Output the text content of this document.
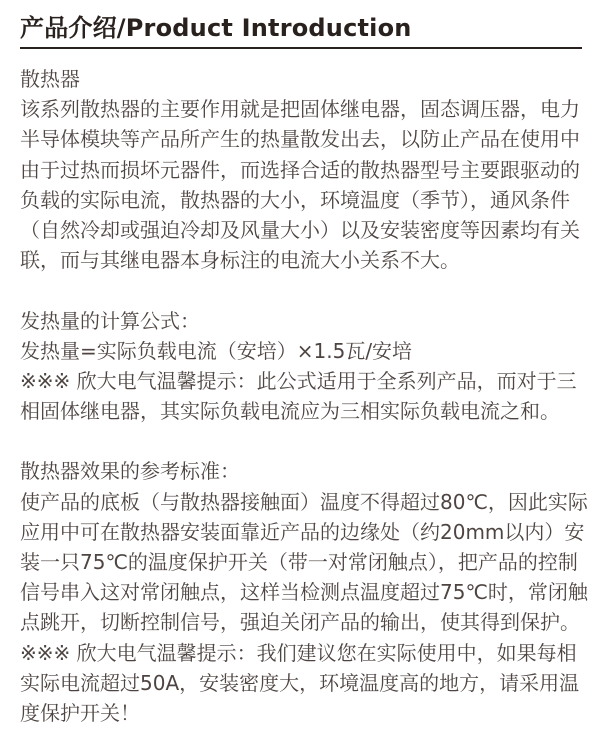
产品介绍/Product Introduction
散热器
该系列散热器的主要作用就是把固体继电器，固态调压器，电力
半导体模块等产品所产生的热量散发出去，以防止产品在使用中
由于过热而损坏元器件，而选择合适的散热器型号主要跟驱动的
负载的实际电流，散热器的大小，环境温度（季节），通风条件
（自然冷却或强迫冷却及风量大小）以及安装密度等因素均有关
联，而与其继电器本身标注的电流大小关系不大。
发热量的计算公式：
发热量=实际负载电流（安培）×1.5瓦/安培
※※※ 欣大电气温馨提示：此公式适用于全系列产品，而对于三
相固体继电器，其实际负载电流应为三相实际负载电流之和。
散热器效果的参考标准：
使产品的底板（与散热器接触面）温度不得超过80℃，因此实际
应用中可在散热器安装面靠近产品的边缘处（约20mm以内）安
装一只75℃的温度保护开关（带一对常闭触点），把产品的控制
信号串入这对常闭触点，这样当检测点温度超过75℃时，常闭触
点跳开，切断控制信号，强迫关闭产品的输出，使其得到保护。
※※※ 欣大电气温馨提示：我们建议您在实际使用中，如果每相
实际电流超过50A，安装密度大，环境温度高的地方，请采用温
度保护开关！
